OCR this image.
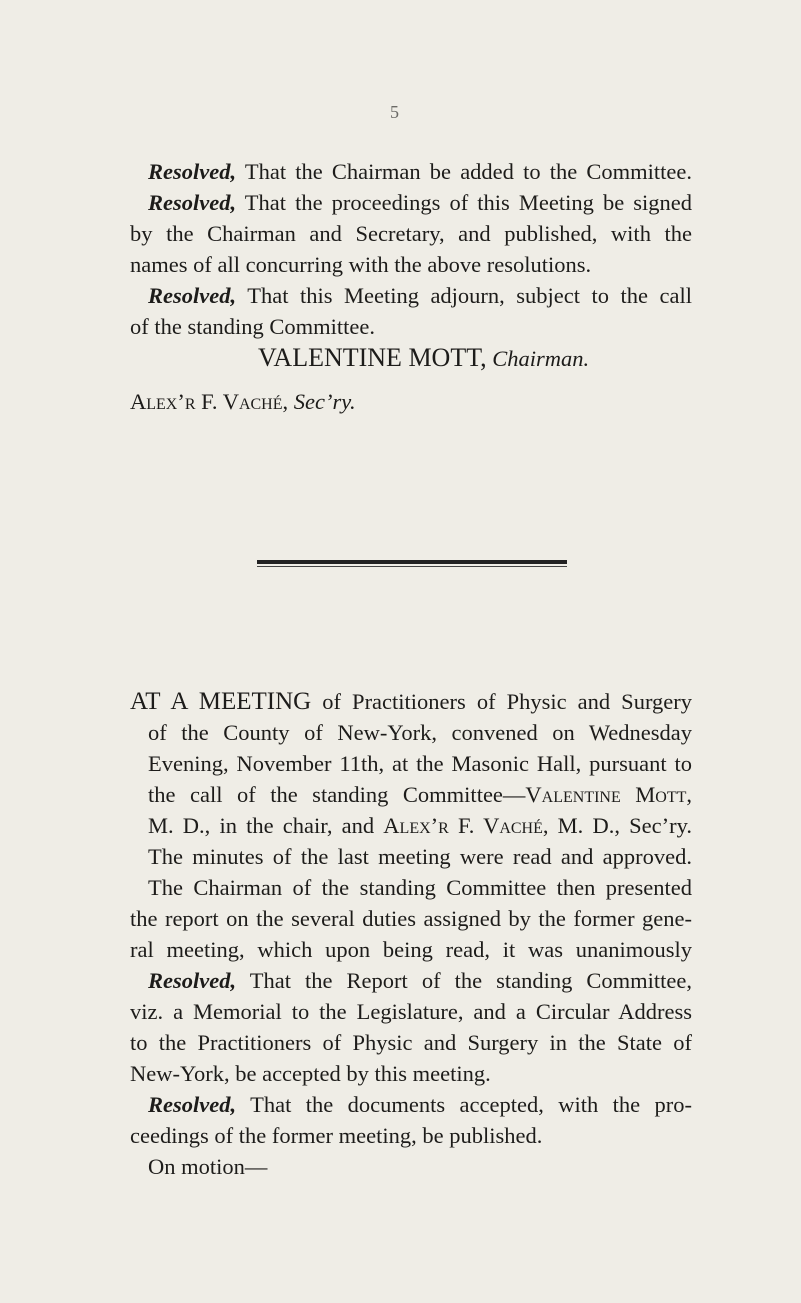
5
Resolved, That the Chairman be added to the Committee.
Resolved, That the proceedings of this Meeting be signed
by the Chairman and Secretary, and published, with the
names of all concurring with the above resolutions.
Resolved, That this Meeting adjourn, subject to the call
of the standing Committee.
VALENTINE MOTT, Chairman.
Alex’r F. Vaché, Sec’ry.
AT A MEETING of Practitioners of Physic and Surgery
of the County of New-York, convened on Wednesday
Evening, November 11th, at the Masonic Hall, pursuant to
the call of the standing Committee—Valentine Mott,
M. D., in the chair, and Alex’r F. Vaché, M. D., Sec’ry.
The minutes of the last meeting were read and approved.
The Chairman of the standing Committee then presented
the report on the several duties assigned by the former gene-
ral meeting, which upon being read, it was unanimously
Resolved, That the Report of the standing Committee,
viz. a Memorial to the Legislature, and a Circular Address
to the Practitioners of Physic and Surgery in the State of
New-York, be accepted by this meeting.
Resolved, That the documents accepted, with the pro-
ceedings of the former meeting, be published.
On motion—
